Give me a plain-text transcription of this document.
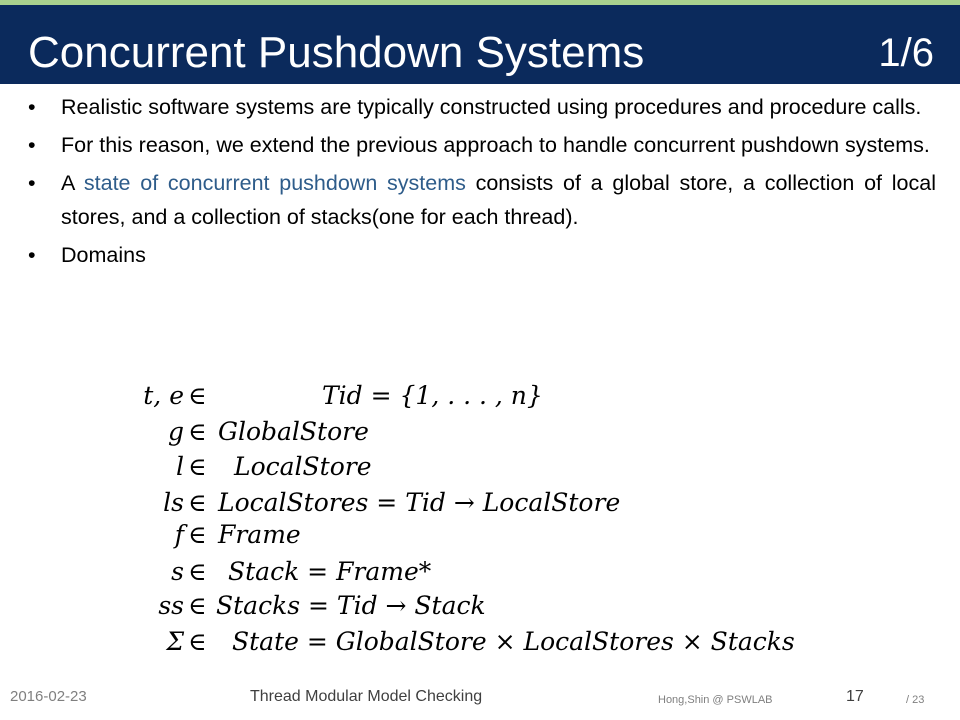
Concurrent Pushdown Systems	1/6
• Realistic software systems are typically constructed using procedures and procedure calls.
• For this reason, we extend the previous approach to handle concurrent pushdown systems.
• A state of concurrent pushdown systems consists of a global store, a collection of local stores, and a collection of stacks(one for each thread).
• Domains
t, e ∈	Tid = {1, . . . , n}
g ∈ GlobalStore
l ∈ LocalStore
ls ∈ LocalStores = Tid → LocalStore
f ∈ Frame
s ∈ Stack = Frame*
ss ∈ Stacks = Tid → Stack
Σ ∈ State = GlobalStore × LocalStores × Stacks
2016-02-23	Thread Modular Model Checking	Hong,Shin @ PSWLAB	17	/ 23
